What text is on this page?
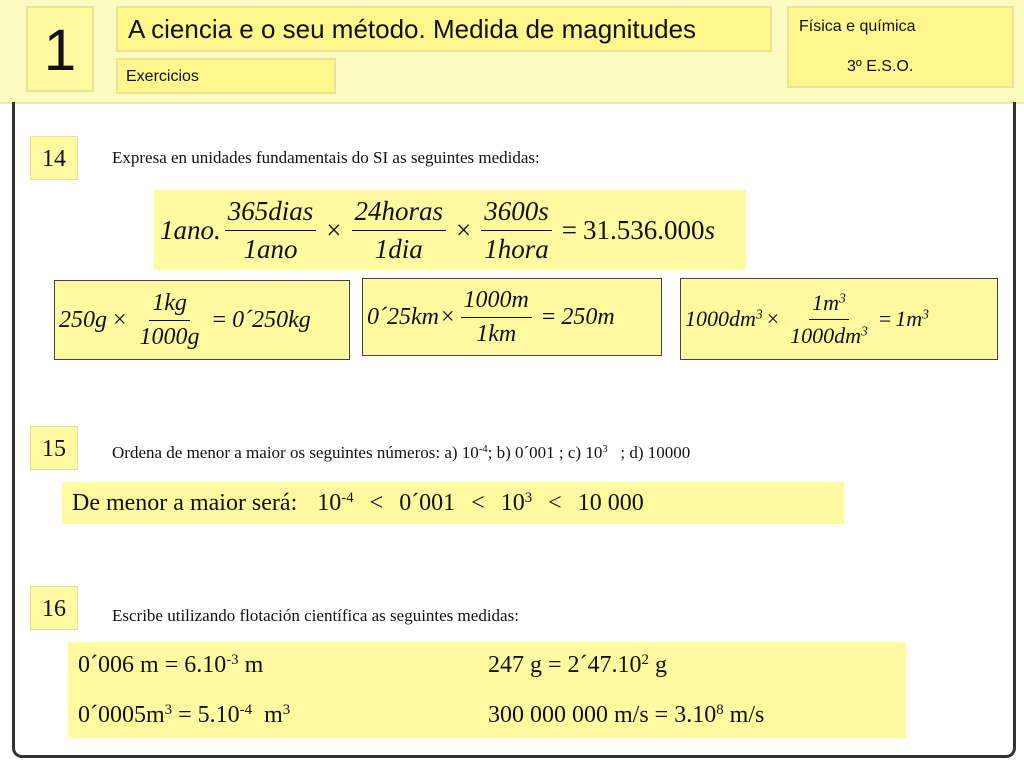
1	A ciencia e o seu método. Medida de magnitudes
Exercicios
Física e química
3º E.S.O.
14	Expresa en unidades fundamentais do SI as seguintes medidas:
1ano. $\frac{\text{365dias}}{\text{1ano}} \times \frac{\text{24horas}}{\text{1dia}} \times \frac{3600s}{\text{1hora}} = 31.536.000$ s
$250g \times \frac{1kg}{1000g}$ = 0´250kg 0´25km × $\frac{1000m}{1km} = 250m$	$1000dm^3 \times \frac{1m^3}{1000dm^3} = 1m^3$
15	Ordena de menor a maior os seguintes números: a) $10^{-4}$; b) 0´001 ; c) $10^3$   ; d) 10000
De menor a maior será: $10^{-4}$ < 0´001 < $10^3 < 10$ 000
16	Escribe utilizando flotación científica as seguintes medidas:
0´006 $m = 6.10^{-3}$ m	247 $g = 2´47.10^2$ g
$0´0005m^3 = 5.10^{-4}$  $m^3$	300 000 000 $m/s = 3.10^8$ m/s
